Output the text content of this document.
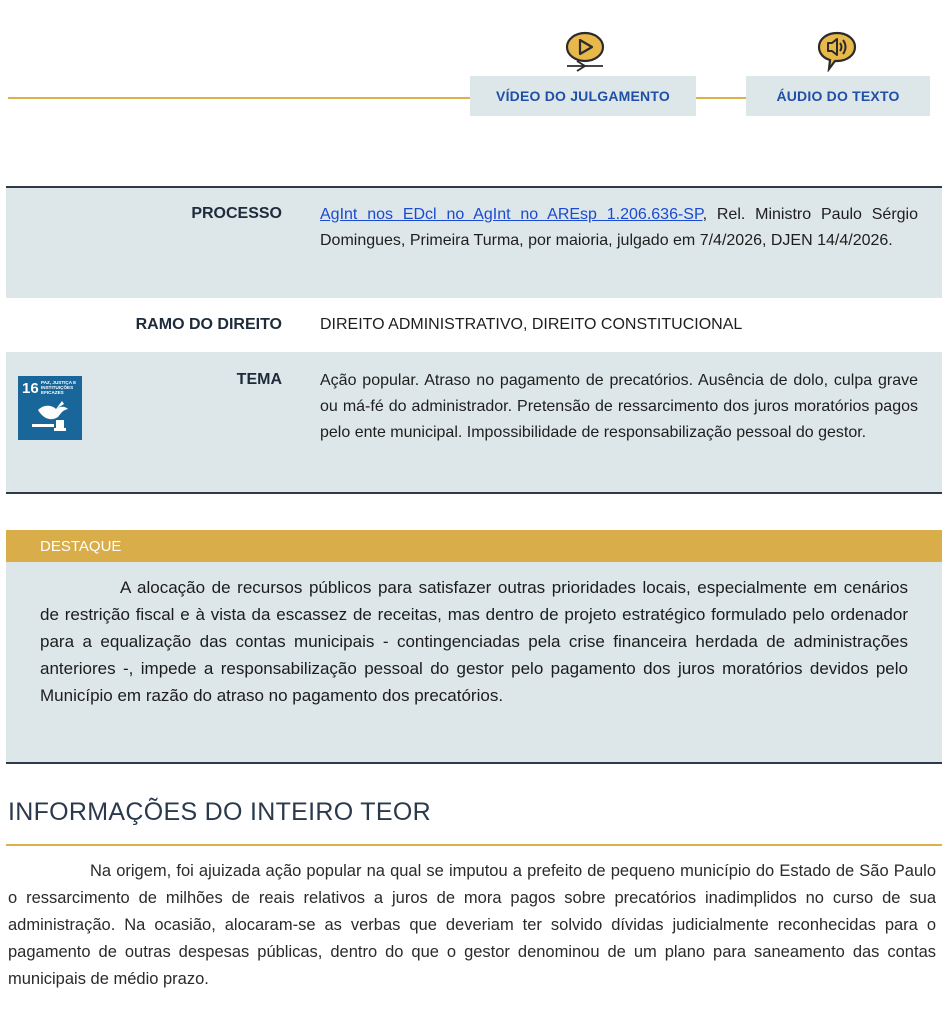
VÍDEO DO JULGAMENTO	ÁUDIO DO TEXTO
PROCESSO AgInt nos EDcl no AgInt no AREsp 1.206.636-SP, Rel. Ministro Paulo Sérgio Domingues, Primeira Turma, por maioria, julgado em 7/4/2026, DJEN 14/4/2026.
RAMO DO DIREITO DIREITO ADMINISTRATIVO, DIREITO CONSTITUCIONAL
16 PAZ, JUSTIÇA E
INSTITUIÇÕES
EFICAZES
TEMA Ação popular. Atraso no pagamento de precatórios. Ausência de dolo, culpa grave ou má-fé do administrador. Pretensão de ressarcimento dos juros moratórios pagos pelo ente municipal. Impossibilidade de responsabilização pessoal do gestor.
DESTAQUE

A alocação de recursos públicos para satisfazer outras prioridades locais, especialmente em cenários de restrição fiscal e à vista da escassez de receitas, mas dentro de projeto estratégico formulado pelo ordenador para a equalização das contas municipais - contingenciadas pela crise financeira herdada de administrações anteriores -, impede a responsabilização pessoal do gestor pelo pagamento dos juros moratórios devidos pelo Município em razão do atraso no pagamento dos precatórios.

INFORMAÇÕES DO INTEIRO TEOR

Na origem, foi ajuizada ação popular na qual se imputou a prefeito de pequeno município do Estado de São Paulo o ressarcimento de milhões de reais relativos a juros de mora pagos sobre precatórios inadimplidos no curso de sua administração. Na ocasião, alocaram-se as verbas que deveriam ter solvido dívidas judicialmente reconhecidas para o pagamento de outras despesas públicas, dentro do que o gestor denominou de um plano para saneamento das contas municipais de médio prazo.
